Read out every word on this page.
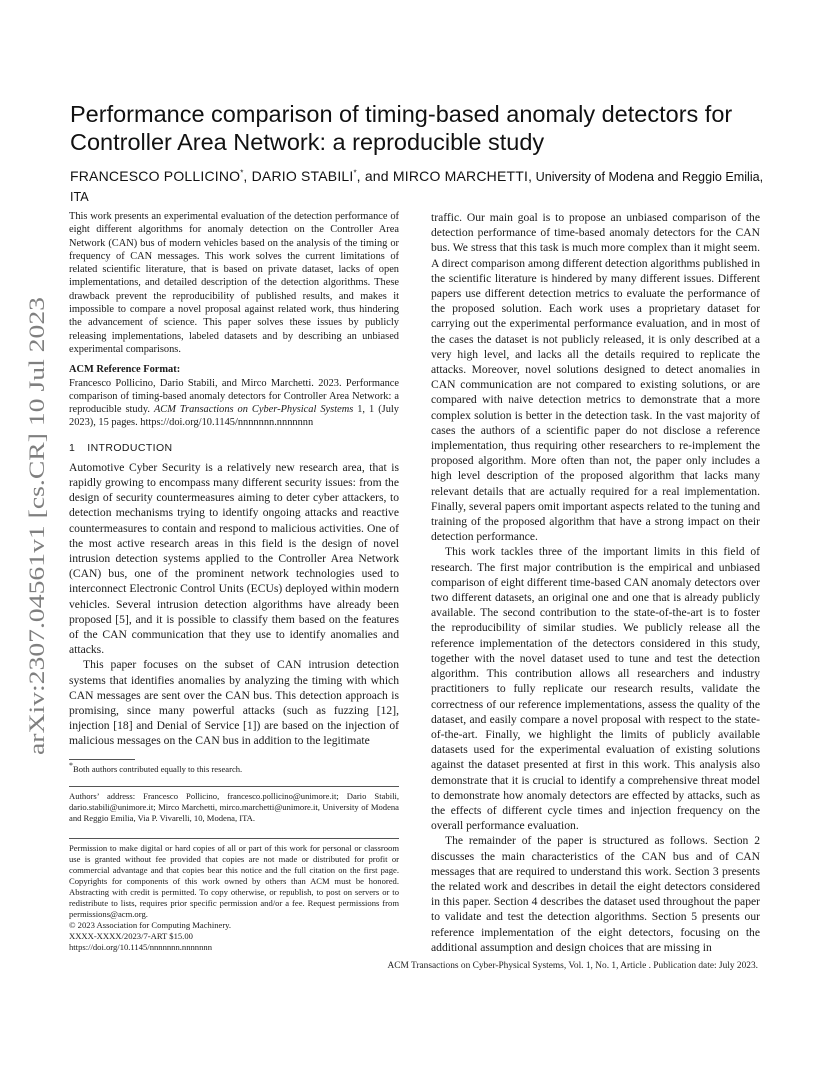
arXiv:2307.04561v1 [cs.CR] 10 Jul 2023
Performance comparison of timing-based anomaly detectors for
Controller Area Network: a reproducible study
FRANCESCO POLLICINO*, DARIO STABILI*, and MIRCO MARCHETTI, University of Modena and Reggio Emilia, ITA

This work presents an experimental evaluation of the detection performance of eight different algorithms for anomaly detection on the Controller Area Network (CAN) bus of modern vehicles based on the analysis of the timing or frequency of CAN messages. This work solves the current limitations of related scientific literature, that is based on private dataset, lacks of open implementations, and detailed description of the detection algorithms. These drawback prevent the reproducibility of published results, and makes it impossible to compare a novel proposal against related work, thus hindering the advancement of science. This paper solves these issues by publicly releasing implementations, labeled datasets and by describing an unbiased experimental comparisons.

ACM Reference Format:

Francesco Pollicino, Dario Stabili, and Mirco Marchetti. 2023. Performance comparison of timing-based anomaly detectors for Controller Area Network: a reproducible study. ACM Transactions on Cyber-Physical Systems 1, 1 (July 2023), 15 pages. https://doi.org/10.1145/nnnnnnn.nnnnnnn

1 INTRODUCTION

Automotive Cyber Security is a relatively new research area, that is rapidly growing to encompass many different security issues: from the design of security countermeasures aiming to deter cyber attackers, to detection mechanisms trying to identify ongoing attacks and reactive countermeasures to contain and respond to malicious activities. One of the most active research areas in this field is the design of novel intrusion detection systems applied to the Controller Area Network (CAN) bus, one of the prominent network technologies used to interconnect Electronic Control Units (ECUs) deployed within modern vehicles. Several intrusion detection algorithms have already been proposed [5], and it is possible to classify them based on the features of the CAN communication that they use to identify anomalies and attacks.

This paper focuses on the subset of CAN intrusion detection systems that identifies anomalies by analyzing the timing with which CAN messages are sent over the CAN bus. This detection approach is promising, since many powerful attacks (such as fuzzing [12], injection [18] and Denial of Service [1]) are based on the injection of malicious messages on the CAN bus in addition to the legitimate

*Both authors contributed equally to this research.

Authors’ address: Francesco Pollicino, francesco.pollicino@unimore.it; Dario Stabili, dario.stabili@unimore.it; Mirco Marchetti, mirco.marchetti@unimore.it, University of Modena and Reggio Emilia, Via P. Vivarelli, 10, Modena, ITA.

Permission to make digital or hard copies of all or part of this work for personal or classroom use is granted without fee provided that copies are not made or distributed for profit or commercial advantage and that copies bear this notice and the full citation on the first page. Copyrights for components of this work owned by others than ACM must be honored. Abstracting with credit is permitted. To copy otherwise, or republish, to post on servers or to redistribute to lists, requires prior specific permission and/or a fee. Request permissions from permissions@acm.org.

© 2023 Association for Computing Machinery.

XXXX-XXXX/2023/7-ART $15.00

https://doi.org/10.1145/nnnnnnn.nnnnnnn

traffic. Our main goal is to propose an unbiased comparison of the detection performance of time-based anomaly detectors for the CAN bus. We stress that this task is much more complex than it might seem. A direct comparison among different detection algorithms published in the scientific literature is hindered by many different issues. Different papers use different detection metrics to evaluate the performance of the proposed solution. Each work uses a proprietary dataset for carrying out the experimental performance evaluation, and in most of the cases the dataset is not publicly released, it is only described at a very high level, and lacks all the details required to replicate the attacks. Moreover, novel solutions designed to detect anomalies in CAN communication are not compared to existing solutions, or are compared with naive detection metrics to demonstrate that a more complex solution is better in the detection task. In the vast majority of cases the authors of a scientific paper do not disclose a reference implementation, thus requiring other researchers to re-implement the proposed algorithm. More often than not, the paper only includes a high level description of the proposed algorithm that lacks many relevant details that are actually required for a real implementation. Finally, several papers omit important aspects related to the tuning and training of the proposed algorithm that have a strong impact on their detection performance.

This work tackles three of the important limits in this field of research. The first major contribution is the empirical and unbiased comparison of eight different time-based CAN anomaly detectors over two different datasets, an original one and one that is already publicly available. The second contribution to the state-of-the-art is to foster the reproducibility of similar studies. We publicly release all the reference implementation of the detectors considered in this study, together with the novel dataset used to tune and test the detection algorithm. This contribution allows all researchers and industry practitioners to fully replicate our research results, validate the correctness of our reference implementations, assess the quality of the dataset, and easily compare a novel proposal with respect to the state-of-the-art. Finally, we highlight the limits of publicly available datasets used for the experimental evaluation of existing solutions against the dataset presented at first in this work. This analysis also demonstrate that it is crucial to identify a comprehensive threat model to demonstrate how anomaly detectors are effected by attacks, such as the effects of different cycle times and injection frequency on the overall performance evaluation.

The remainder of the paper is structured as follows. Section 2 discusses the main characteristics of the CAN bus and of CAN messages that are required to understand this work. Section 3 presents the related work and describes in detail the eight detectors considered in this paper. Section 4 describes the dataset used throughout the paper to validate and test the detection algorithms. Section 5 presents our reference implementation of the eight detectors, focusing on the additional assumption and design choices that are missing in

ACM Transactions on Cyber-Physical Systems, Vol. 1, No. 1, Article . Publication date: July 2023.
